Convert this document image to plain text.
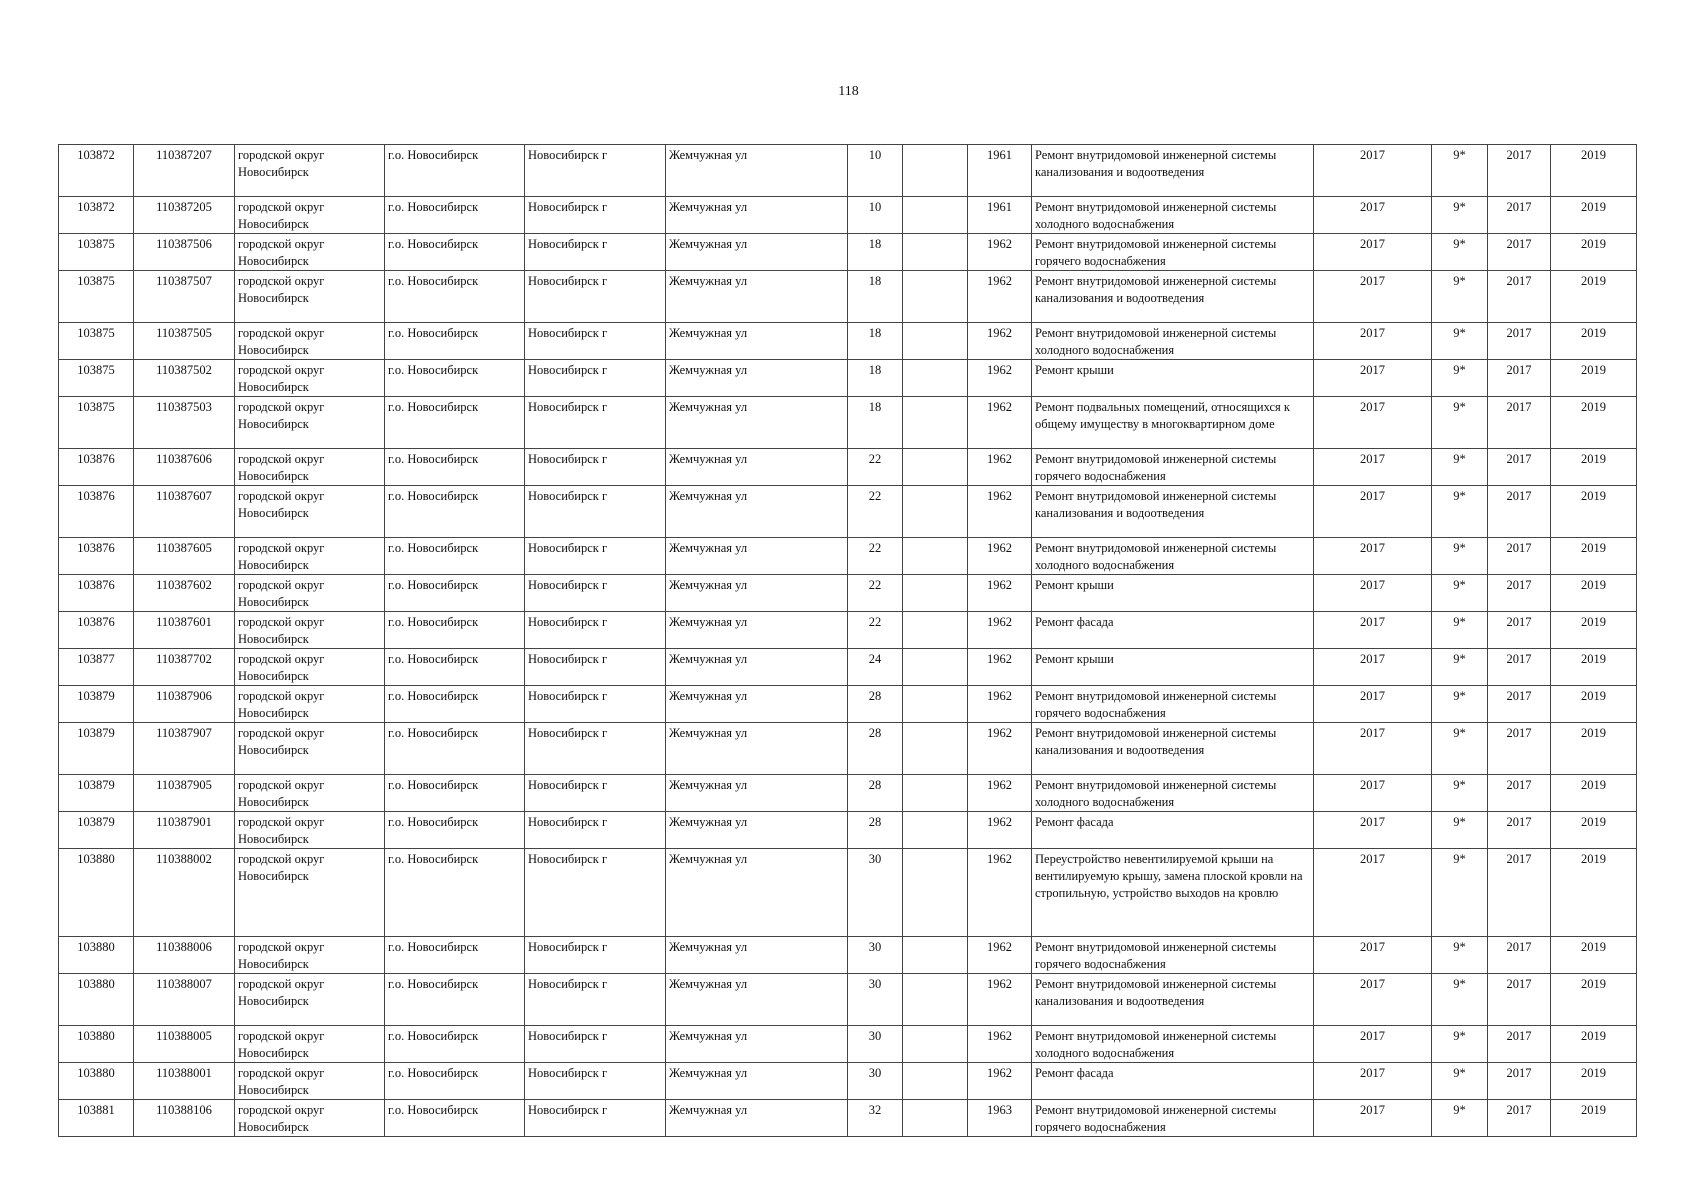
118
103872	110387207	городской округ Новосибирск	г.о. Новосибирск	Новосибирск г	Жемчужная ул	10		1961	Ремонт внутридомовой инженерной системы канализования и водоотведения	2017	9*	2017	2019
103872	110387205	городской округ Новосибирск	г.о. Новосибирск	Новосибирск г	Жемчужная ул	10		1961	Ремонт внутридомовой инженерной системы холодного водоснабжения	2017	9*	2017	2019
103875	110387506	городской округ Новосибирск	г.о. Новосибирск	Новосибирск г	Жемчужная ул	18		1962	Ремонт внутридомовой инженерной системы горячего водоснабжения	2017	9*	2017	2019
103875	110387507	городской округ Новосибирск	г.о. Новосибирск	Новосибирск г	Жемчужная ул	18		1962	Ремонт внутридомовой инженерной системы канализования и водоотведения	2017	9*	2017	2019
103875	110387505	городской округ Новосибирск	г.о. Новосибирск	Новосибирск г	Жемчужная ул	18		1962	Ремонт внутридомовой инженерной системы холодного водоснабжения	2017	9*	2017	2019
103875	110387502	городской округ Новосибирск	г.о. Новосибирск	Новосибирск г	Жемчужная ул	18		1962	Ремонт крыши	2017	9*	2017	2019
103875	110387503	городской округ Новосибирск	г.о. Новосибирск	Новосибирск г	Жемчужная ул	18		1962	Ремонт подвальных помещений, относящихся к общему имуществу в многоквартирном доме	2017	9*	2017	2019
103876	110387606	городской округ Новосибирск	г.о. Новосибирск	Новосибирск г	Жемчужная ул	22		1962	Ремонт внутридомовой инженерной системы горячего водоснабжения	2017	9*	2017	2019
103876	110387607	городской округ Новосибирск	г.о. Новосибирск	Новосибирск г	Жемчужная ул	22		1962	Ремонт внутридомовой инженерной системы канализования и водоотведения	2017	9*	2017	2019
103876	110387605	городской округ Новосибирск	г.о. Новосибирск	Новосибирск г	Жемчужная ул	22		1962	Ремонт внутридомовой инженерной системы холодного водоснабжения	2017	9*	2017	2019
103876	110387602	городской округ Новосибирск	г.о. Новосибирск	Новосибирск г	Жемчужная ул	22		1962	Ремонт крыши	2017	9*	2017	2019
103876	110387601	городской округ Новосибирск	г.о. Новосибирск	Новосибирск г	Жемчужная ул	22		1962	Ремонт фасада	2017	9*	2017	2019
103877	110387702	городской округ Новосибирск	г.о. Новосибирск	Новосибирск г	Жемчужная ул	24		1962	Ремонт крыши	2017	9*	2017	2019
103879	110387906	городской округ Новосибирск	г.о. Новосибирск	Новосибирск г	Жемчужная ул	28		1962	Ремонт внутридомовой инженерной системы горячего водоснабжения	2017	9*	2017	2019
103879	110387907	городской округ Новосибирск	г.о. Новосибирск	Новосибирск г	Жемчужная ул	28		1962	Ремонт внутридомовой инженерной системы канализования и водоотведения	2017	9*	2017	2019
103879	110387905	городской округ Новосибирск	г.о. Новосибирск	Новосибирск г	Жемчужная ул	28		1962	Ремонт внутридомовой инженерной системы холодного водоснабжения	2017	9*	2017	2019
103879	110387901	городской округ Новосибирск	г.о. Новосибирск	Новосибирск г	Жемчужная ул	28		1962	Ремонт фасада	2017	9*	2017	2019
103880	110388002	городской округ Новосибирск	г.о. Новосибирск	Новосибирск г	Жемчужная ул	30		1962	Переустройство невентилируемой крыши на вентилируемую крышу, замена плоской кровли на стропильную, устройство выходов на кровлю	2017	9*	2017	2019
103880	110388006	городской округ Новосибирск	г.о. Новосибирск	Новосибирск г	Жемчужная ул	30		1962	Ремонт внутридомовой инженерной системы горячего водоснабжения	2017	9*	2017	2019
103880	110388007	городской округ Новосибирск	г.о. Новосибирск	Новосибирск г	Жемчужная ул	30		1962	Ремонт внутридомовой инженерной системы канализования и водоотведения	2017	9*	2017	2019
103880	110388005	городской округ Новосибирск	г.о. Новосибирск	Новосибирск г	Жемчужная ул	30		1962	Ремонт внутридомовой инженерной системы холодного водоснабжения	2017	9*	2017	2019
103880	110388001	городской округ Новосибирск	г.о. Новосибирск	Новосибирск г	Жемчужная ул	30		1962	Ремонт фасада	2017	9*	2017	2019
103881	110388106	городской округ Новосибирск	г.о. Новосибирск	Новосибирск г	Жемчужная ул	32		1963	Ремонт внутридомовой инженерной системы горячего водоснабжения	2017	9*	2017	2019
